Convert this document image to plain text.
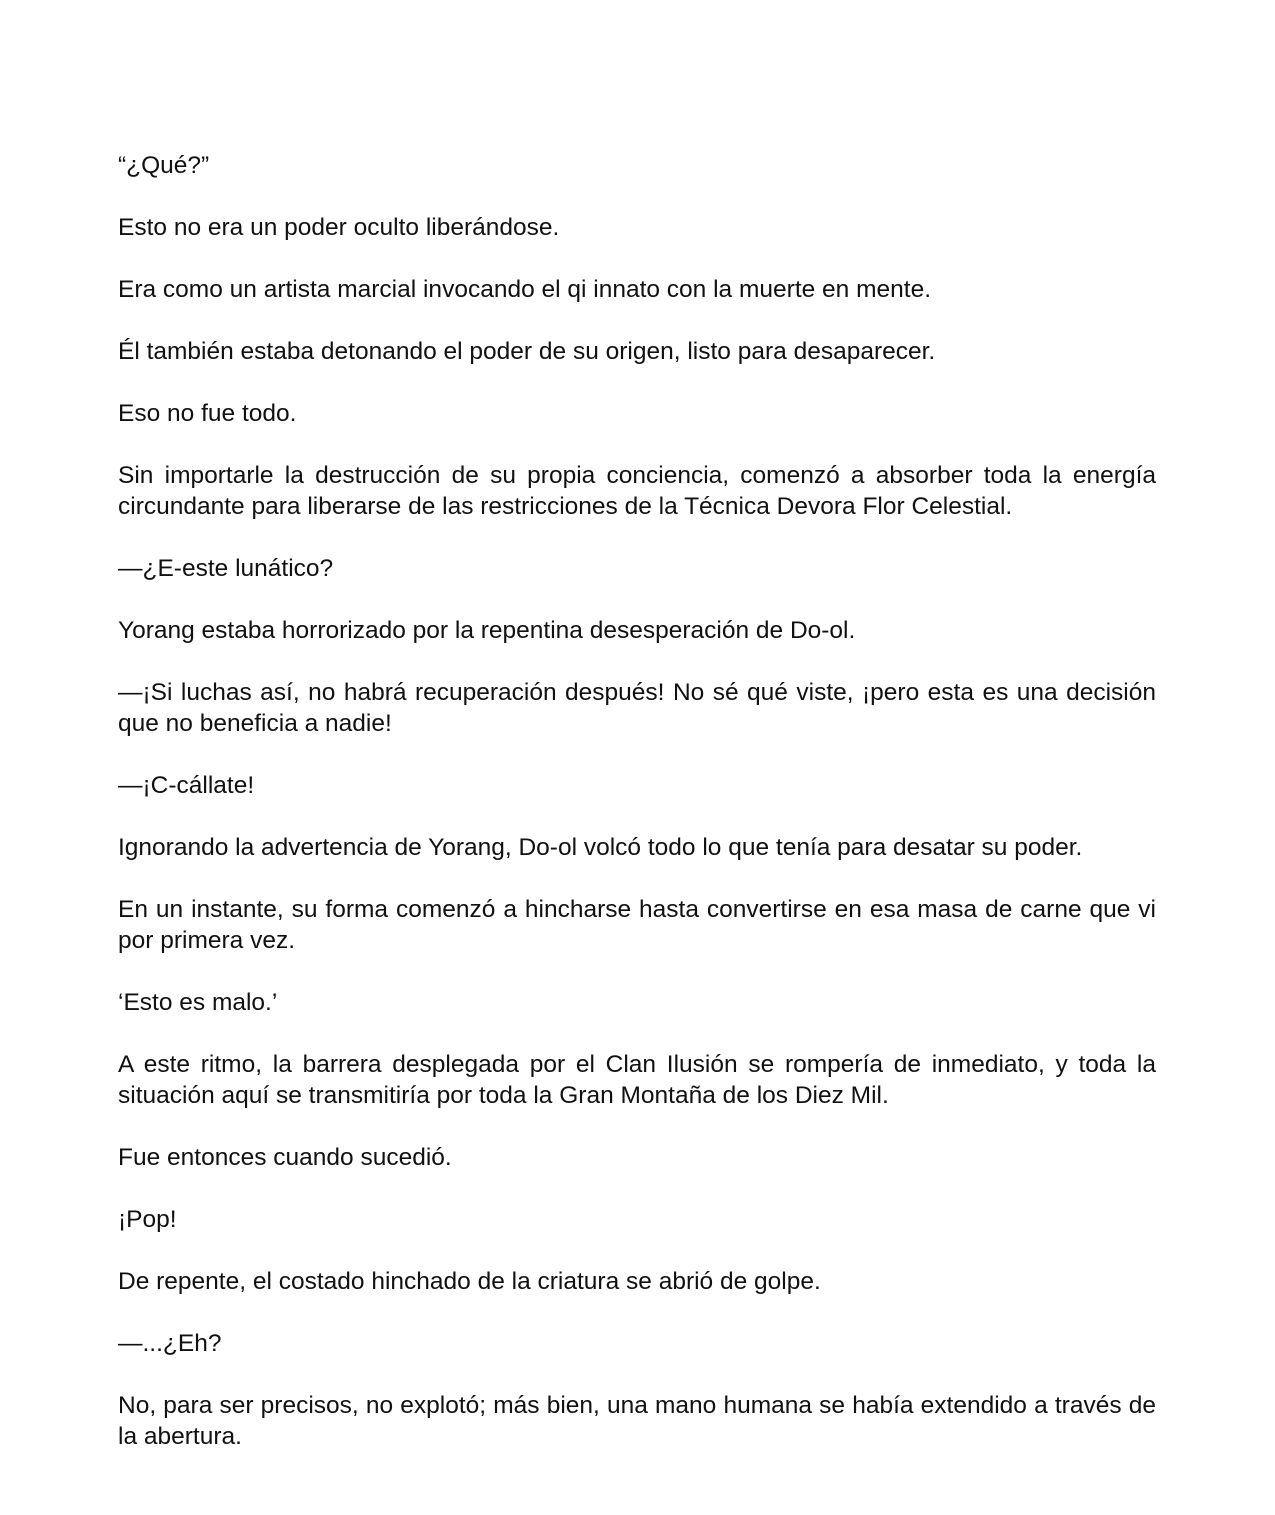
“¿Qué?”

Esto no era un poder oculto liberándose.

Era como un artista marcial invocando el qi innato con la muerte en mente.

Él también estaba detonando el poder de su origen, listo para desaparecer.

Eso no fue todo.

Sin importarle la destrucción de su propia conciencia, comenzó a absorber toda la energía circundante para liberarse de las restricciones de la Técnica Devora Flor Celestial.

—¿E-este lunático?

Yorang estaba horrorizado por la repentina desesperación de Do-ol.

—¡Si luchas así, no habrá recuperación después! No sé qué viste, ¡pero esta es una decisión que no beneficia a nadie!

—¡C-cállate!

Ignorando la advertencia de Yorang, Do-ol volcó todo lo que tenía para desatar su poder.

En un instante, su forma comenzó a hincharse hasta convertirse en esa masa de carne que vi por primera vez.

‘Esto es malo.’

A este ritmo, la barrera desplegada por el Clan Ilusión se rompería de inmediato, y toda la situación aquí se transmitiría por toda la Gran Montaña de los Diez Mil.

Fue entonces cuando sucedió.

¡Pop!

De repente, el costado hinchado de la criatura se abrió de golpe.

—...¿Eh?

No, para ser precisos, no explotó; más bien, una mano humana se había extendido a través de la abertura.
